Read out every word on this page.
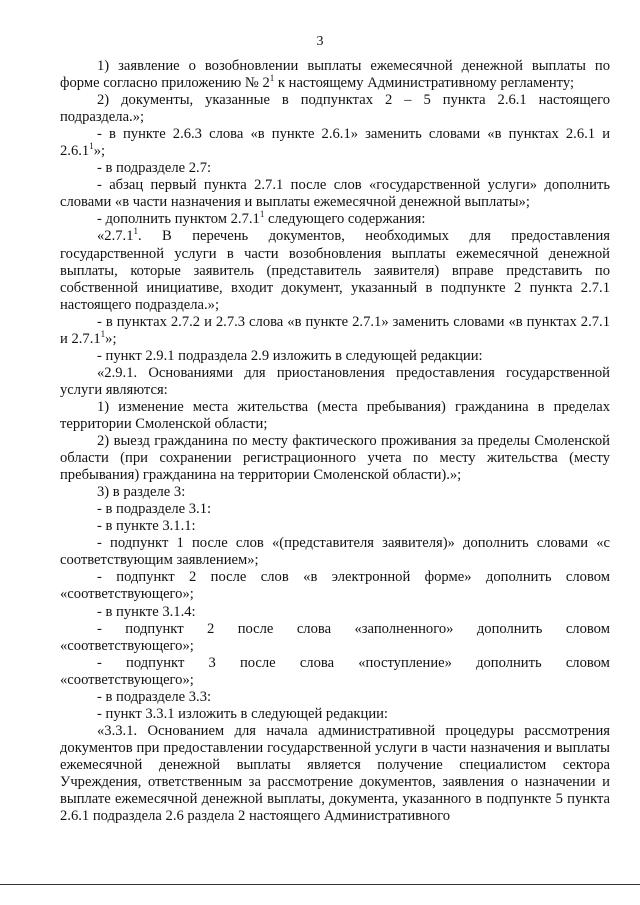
3

1) заявление о возобновлении выплаты ежемесячной денежной выплаты по форме согласно приложению № $2^1$ к настоящему Административному регламенту;

2) документы, указанные в подпунктах 2 – 5 пункта 2.6.1 настоящего подраздела.»;

- в пункте 2.6.3 слова «в пункте 2.6.1» заменить словами «в пунктах 2.6.1 и 2.6.1$^1$»;

- в подразделе 2.7:

- абзац первый пункта 2.7.1 после слов «государственной услуги» дополнить словами «в части назначения и выплаты ежемесячной денежной выплаты»;

- дополнить пунктом 2.7.1$^1$ следующего содержания:

«2.7.1$^1$. В перечень документов, необходимых для предоставления государственной услуги в части возобновления выплаты ежемесячной денежной выплаты, которые заявитель (представитель заявителя) вправе представить по собственной инициативе, входит документ, указанный в подпункте 2 пункта 2.7.1 настоящего подраздела.»;

- в пунктах 2.7.2 и 2.7.3 слова «в пункте 2.7.1» заменить словами «в пунктах 2.7.1 и 2.7.1$^1$»;

- пункт 2.9.1 подраздела 2.9 изложить в следующей редакции:

«2.9.1. Основаниями для приостановления предоставления государственной услуги являются:

1) изменение места жительства (места пребывания) гражданина в пределах территории Смоленской области;

2) выезд гражданина по месту фактического проживания за пределы Смоленской области (при сохранении регистрационного учета по месту жительства (месту пребывания) гражданина на территории Смоленской области).»;

3) в разделе 3:

- в подразделе 3.1:

- в пункте 3.1.1:

- подпункт 1 после слов «(представителя заявителя)» дополнить словами «с соответствующим заявлением»;

- подпункт 2 после слов «в электронной форме» дополнить словом «соответствующего»;

- в пункте 3.1.4:

- подпункт 2 после слова «заполненного» дополнить словом

«соответствующего»;

- подпункт 3 после слова «поступление» дополнить словом

«соответствующего»;

- в подразделе 3.3:

- пункт 3.3.1 изложить в следующей редакции:

«3.3.1. Основанием для начала административной процедуры рассмотрения документов при предоставлении государственной услуги в части назначения и выплаты ежемесячной денежной выплаты является получение специалистом сектора Учреждения, ответственным за рассмотрение документов, заявления о назначении и выплате ежемесячной денежной выплаты, документа, указанного в подпункте 5 пункта 2.6.1 подраздела 2.6 раздела 2 настоящего Административного
